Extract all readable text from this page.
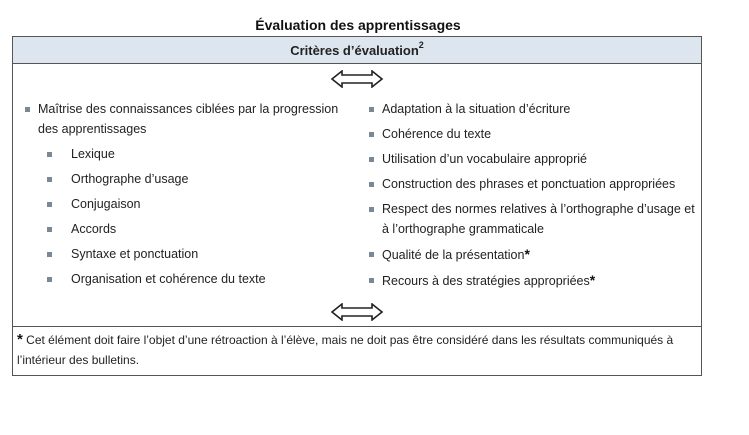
Évaluation des apprentissages
Critères d’évaluation$^2$
Maîtrise des connaissances ciblées par la progression des apprentissages
Lexique
Orthographe d’usage
Conjugaison
Accords
Syntaxe et ponctuation
Organisation et cohérence du texte
Adaptation à la situation d’écriture
Cohérence du texte
Utilisation d’un vocabulaire approprié
Construction des phrases et ponctuation appropriées
Respect des normes relatives à l’orthographe d’usage et à l’orthographe grammaticale
Qualité de la présentation*
Recours à des stratégies appropriées*
* Cet élément doit faire l’objet d’une rétroaction à l’élève, mais ne doit pas être considéré dans les résultats communiqués à l’intérieur des bulletins.
